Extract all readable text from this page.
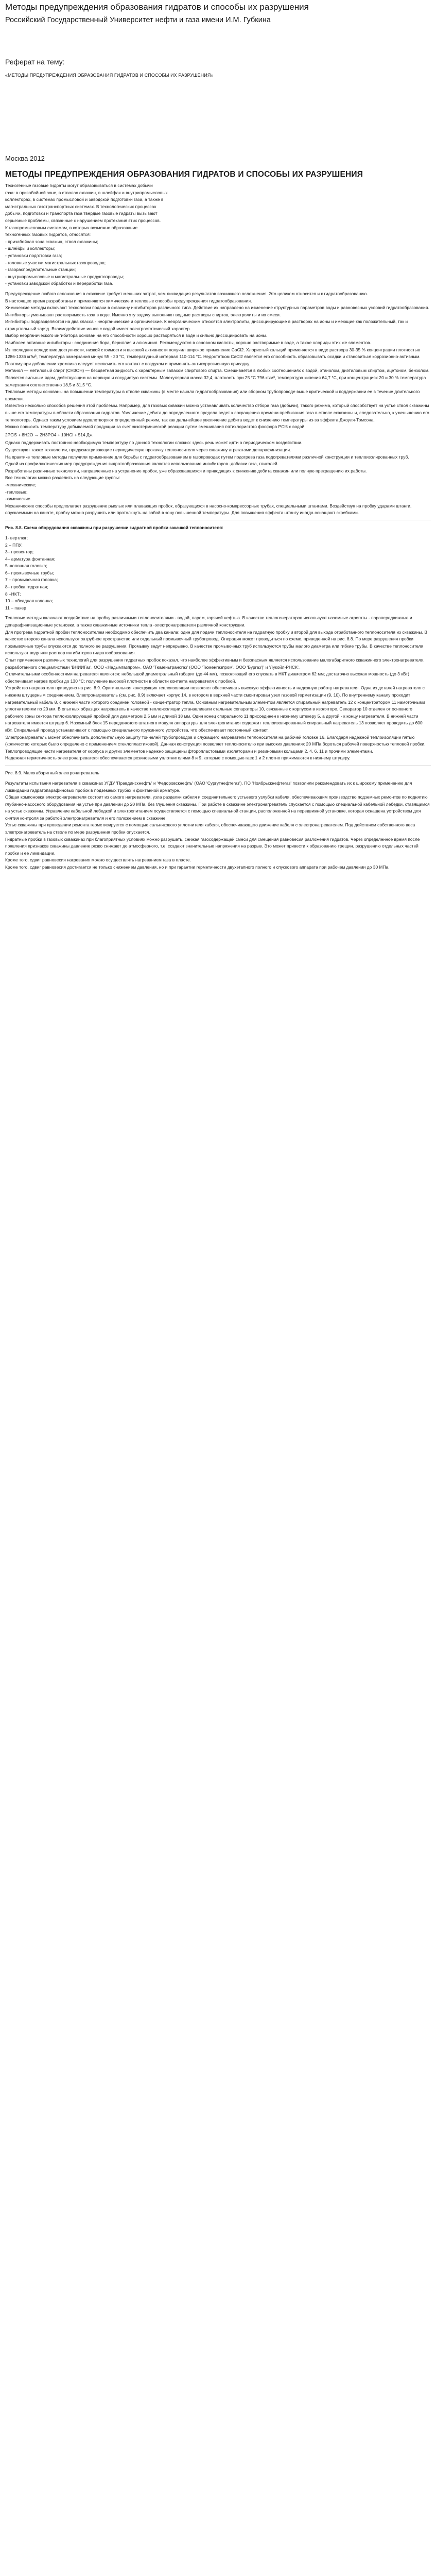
Методы предупреждения образования гидратов и способы их разрушения
Российский Государственный Университет нефти и газа имени И.М. Губкина
Реферат на тему:
«МЕТОДЫ ПРЕДУПРЕЖДЕНИЯ ОБРАЗОВАНИЯ ГИДРАТОВ И СПОСОБЫ ИХ РАЗРУШЕНИЯ»
Москва 2012
МЕТОДЫ ПРЕДУПРЕЖДЕНИЯ ОБРАЗОВАНИЯ ГИДРАТОВ И СПОСОБЫ ИХ РАЗРУШЕНИЯ

Техногенные газовые гидраты могут образовываться в системах добычи

газа: в призабойной зоне, в стволах скважин, в шлейфах и внутрипромысловых

коллекторах, в системах промысловой и заводской подготовки газа, а также в

магистральных газотранспортных системах. В технологических процессах

добычи, подготовки и транспорта газа твердые газовые гидраты вызывают

серьезные проблемы, связанные с нарушением протекания этих процессов.

К газопромысловым системам, в которых возможно образование

техногенных газовых гидратов, относятся:

- призабойная зона скважин, ствол скважины;

- шлейфы и коллекторы;

- установки подготовки газа;

- головные участки магистральных газопроводов;

- газораспределительные станции;

- внутрипромысловые и магистральные продуктопроводы;

- установки заводской обработки и переработки газа.

Предупреждение любого осложнения в скважине требует меньших затрат, чем ликвидация результатов возникшего осложнения. Это целиком относится и к гидратообразованию.

В настоящее время разработаны и применяются химические и тепловые способы предупреждения гидратообразования.

Химические методы включают технологии подачи в скважину ингибиторов различного типа. Действие их направлено на изменение структурных параметров воды и равновесных условий гидратообразования.

Ингибиторы уменьшают растворимость газа в воде. Именно эту задачу выполняют водные растворы спиртов, электролиты и их смеси.

Ингибиторы подразделяются на два класса - неорганические и органические. К неорганическим относятся электролиты, диссоциирующие в растворах на ионы и имеющие как положительный, так и отрицательный заряд. Взаимодействие ионов с водой имеет электростатический характер.

Выбор неорганического ингибитора основан на его способности хорошо растворяться в воде и сильно диссоциировать на ионы.

Наиболее активные ингибиторы - соединения бора, бериллия и алюминия. Рекомендуются в основном кислоты, хорошо растворимые в воде, а также хлориды этих же элементов.

Из последних вследствие доступности, низкой стоимости и высокой активности получил широкое применение CaCl2. Хлористый кальций применяется в виде раствора 30-35 % концентрации плотностью 1286-1336 кг/м³, температура замерзания минус 55 - 20 °С, температурный интервал 110-114 °С. Недостатком CaCl2 является его способность образовывать осадки и становиться коррозионно-активным. Поэтому при добавлении хромпика следует исключить его контакт с воздухом и применять антикоррозионную присадку.

Метанол — метиловый спирт (CH3OH) — бесцветная жидкость с характерным запахом спиртового спирта. Смешивается в любых соотношениях с водой, этанолом, диэтиловым спиртом, ацетоном, бензолом. Является сильным ядом, действующим на нервную и сосудистую системы. Молекулярная масса 32,4, плотность при 25 °С 796 кг/м³, температура кипения 64,7 °С, при концентрациях 20 и 30 % температура замерзания соответственно 18,5 и 31,5 °С.

Тепловые методы основаны на повышении температуры в стволе скважины (в месте начала гидратообразования) или сборном трубопроводе выше критической и поддержании ее в течение длительного времени.

Известно несколько способов решения этой проблемы. Например, для газовых скважин можно устанавливать количество отбора газа (добычи), такого режима, который способствует на устье ствол скважины выше его температуры в области образования гидратов. Увеличение дебита до определенного предела ведет к сокращению времени пребывания газа в стволе скважины и, следовательно, к уменьшению его теплопотерь. Однако таким условием удовлетворяют определенный режим, так как дальнейшее увеличение дебита ведет к снижению температуры из-за эффекта Джоуля-Томсона.

Можно повысить температуру добываемой продукции за счет экзотермической реакции путем смешивания пятихлористого фосфора PCl5 с водой:

2PCl5 + 8H2O → 2H3PO4 + 10HCl + 514 Дж.

Однако поддерживать постоянно необходимую температуру по данной технологии сложно: здесь речь может идти о периодическом воздействии.

Существуют также технологии, предусматривающие периодическую прокачку теплоносителя через скважину агрегатами депарафинизации.

На практике тепловые методы получили применение для борьбы с гидратообразованием в газопроводах путем подогрева газа подогревателями различной конструкции и теплоизолированных труб.

Одной из профилактических мер предупреждения гидратообразования является использование ингибиторов -добавки газа, гликолей.

Разработаны различные технологии, направленные на устранение пробок, уже образовавшихся и приводящих к снижению дебита скважин или полную прекращению их работы.

Все технологии можно разделить на следующие группы:

-механические;

-тепловые;

-химические.

Механические способы предполагает разрушение рыхлых или плавающих пробок, образующихся в насосно-компрессорных трубах, специальными штангами. Воздействуя на пробку ударами штанги, опускаемыми на канате, пробку можно разрушить или протолкнуть на забой в зону повышенной температуры. Для повышения эффекта штангу иногда оснащают скребками.

Рис. 8.8. Схема оборудования скважины при разрушении гидратной пробки закачкой теплоносителя:

1- вертлюг;

2 – ППУ;

3– превентор;

4– арматура фонтанная;

5 -колонная головка;

6– промывочные трубы;

7 – промывочная головка;

8– пробка гидратная;

8 –НКТ;

10 – обсадная колонна;

11 – пакер

Тепловые методы включают воздействие на пробку различными теплоносителями - водой, паром, горячей нефтью. В качестве теплогенераторов используют наземные агрегаты - паропередвижные и депарафинизационные установки, а также скважинные источники тепла -электронагреватели различной конструкции.

Для прогрева гидратной пробки теплоносителем необходимо обеспечить два канала: один для подачи теплоносителя на гидратную пробку и второй для выхода отработанного теплоносителя из скважины. В качестве второго канала используют затрубное пространство или отдельный промывочный трубопровод. Операция может проводиться по схеме, приведенной на рис. 8.8. По мере разрушения пробки промывочные трубы опускаются до полного ее разрушения. Промывку ведут непрерывно. В качестве промывочных труб используются трубы малого диаметра или гибкие трубы. В качестве теплоносителя используют воду или раствор ингибиторов гидратообразования.

Опыт применения различных технологий для разрушения гидратных пробок показал, что наиболее эффективным и безопасным является использование малогабаритного скважинного электронагревателя, разработанного специалистами 'ВНИИГаз', ООО «Надымгазпром», ОАО 'Тюменьтрансгаз' (ООО 'Тюменгазпром', ООО 'Бургаз')' и 'Лукойл-РНСК'.

Отличительными особенностями нагревателя являются: небольшой диаметральный габарит (до 44 мм), позволяющий его спускать в НКТ диаметром 62 мм; достаточно высокая мощность (до 3 кВт) обеспечивает нагрев пробки до 130 °С; получение высокой плотности в области контакта нагревателя с пробкой.

Устройство нагревателя приведено на рис. 8.9. Оригинальная конструкция теплоизоляции позволяет обеспечивать высокую эффективность и надежную работу нагревателя. Одна из деталей нагревателя с нижним штуцерным соединением. Электронагреватель (см. рис. 8.9) включает корпус 14, в котором в верхней части смонтирован узел газовой герметизации (9, 10). По внутреннему каналу проходит нагревательный кабель 8, с нижней части которого соединен головной - концентратор тепла. Основным нагревательным элементом является спиральный нагреватель 12 с концентратором 11 намоточными уплотнителями по 20 мм. В опытных образцах нагреватель в качестве теплоизоляции устанавливали стальные сепараторы 10, связанные с корпусом в изоляторе. Сепаратор 10 отделен от основного рабочего зоны сектора теплоизолирующей пробкой для диаметром 2,5 мм и длиной 18 мм. Один конец спирального 11 присоединен к нижнему штекеру 5, а другой - к концу нагревателя. В нижней части нагревателя имеется штуцер 6. Наземный блок 15 передвижного штатного модуля аппаратуры для электропитания содержит теплоизолированный спиральный нагреватель 13 позволяет проводить до 600 кВт. Спиральный провод устанавливают с помощью специального пружинного устройства, что обеспечивает постоянный контакт.

Электронагреватель может обеспечивать дополнительную защиту тоннелей трубопроводов и служащего нагреватели теплоносителя на рабочей головке 16. Благодаря надежной теплоизоляции пятью (количество которых было определено с применением стеклопластиковой). Данная конструкция позволяет теплоносителю при высоких давлениях 20 МПа бороться рабочей поверхностью тепловой пробки.

Теплопроводящие части нагревателя от корпуса и других элементов надежно защищены фторопластовыми изоляторами и резиновыми кольцами 2, 4, 6, 11 и прочими элементами.

Надежная герметичность электронагревателя обеспечивается резиновыми уплотнителями 8 и 9, которые с помощью гаек 1 и 2 плотно прижимаются к нижнему штуцеру.

Рис. 8.9. Малогабаритный электронагреватель

Результаты испытания нагревателя в скважинах УГДУ 'Правдинскнефть' и 'Федоровскнефть' (ОАО 'Сургутнефтегаз'), ПО 'Ноябрьскнефтегаз' позволили рекомендовать их к широкому применению для ликвидации гидратопарафиновых пробок в подземных трубах и фонтанной арматуре.

Общая компоновка электронагревателя состоит из самого нагревателя, узла разделки кабеля и соединительного устьевого узлубки кабеля, обеспечивающим производство подземных ремонтов по поднятию глубинно-насосного оборудования на устье при давлении до 20 МПа, без глушения скважины. При работе в скважине электронагреватель спускается с помощью специальной кабельной лебедки, ставящимся на устье скважины. Управление кабельной лебедкой и электропитанием осуществляется с помощью специальной станции, расположенной на передвижной установке, которая оснащена устройством для снятия контроля за работой электронагревателя и его положением в скважине.

Устье скважины при проведении ремонта герметизируется с помощью сальникового уплотнителя кабеля, обеспечивающего движение кабеля с электронагревателем. Под действием собственного веса электронагреватель на стволе по мере разрушения пробки опускается.

Гидратные пробки в газовых скважинах при благоприятных условиях можно разрушать, снижая газосодержащей смеси для смещения равновесия разложения гидратов. Через определенное время после появления признаков скважины давление резко снижают до атмосферного, т.е. создают значительные напряжения на разрыв. Это может привести к образованию трещин, разрушению отдельных частей пробки и ее ликвидации.

Кроме того, сдвиг равновесия нагревания можно осуществлять нагреванием газа в пласте.

Кроме того, сдвиг равновесия достигается не только снижением давления, но и при гарантии герметичности двухэтапного полного и спускового аппарата при рабочем давлении до 30 МПа.
